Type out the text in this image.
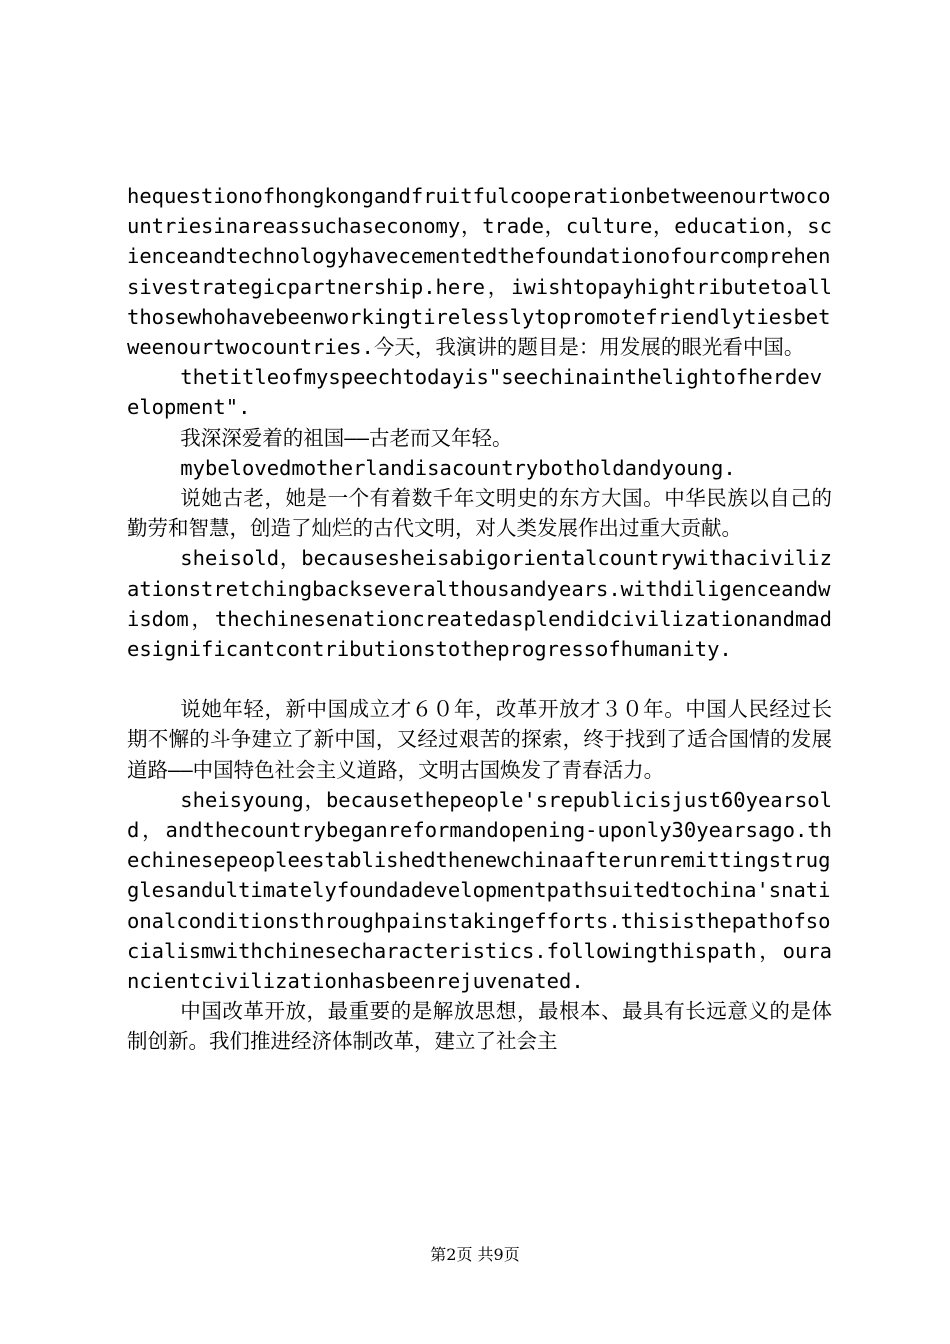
hequestionofhongkongandfruitfulcooperationbetweenourtwocountriesinareassuchaseconomy，trade，culture，education，scienceandtechnologyhavecementedthefoundationofourcomprehensivestrategicpartnership.here，iwishtopayhightributetoallthosewhohavebeenworkingtirelesslytopromotefriendlytiesbetweenourtwocountries.今天，我演讲的题目是：用发展的眼光看中国。

thetitleofmyspeechtodayis"seechinainthelightofherdevelopment".

我深深爱着的祖国——古老而又年轻。

mybelovedmotherlandisacountrybotholdandyoung.

说她古老，她是一个有着数千年文明史的东方大国。中华民族以自己的勤劳和智慧，创造了灿烂的古代文明，对人类发展作出过重大贡献。

sheisold，becausesheisabigorientalcountrywithacivilizationstretchingbackseveralthousandyears.withdiligenceandwisdom，thechinesenationcreatedasplendidcivilizationandmadesignificantcontributionstotheprogressofhumanity.

说她年轻，新中国成立才６０年，改革开放才３０年。中国人民经过长期不懈的斗争建立了新中国，又经过艰苦的探索，终于找到了适合国情的发展道路——中国特色社会主义道路，文明古国焕发了青春活力。

sheisyoung，becausethepeople'srepublicisjust60yearsold，andthecountrybeganreformandopening-uponly30yearsago.thechinesepeopleestablishedthenewchinaafterunremittingstrugglesandultimatelyfoundadevelopmentpathsuitedtochina'snationalconditionsthroughpainstakingefforts.thisisthepathofsocialismwithchinesecharacteristics.followingthispath，ourancientcivilizationhasbeenrejuvenated.

中国改革开放，最重要的是解放思想，最根本、最具有长远意义的是体制创新。我们推进经济体制改革，建立了社会主

第2页 共9页
